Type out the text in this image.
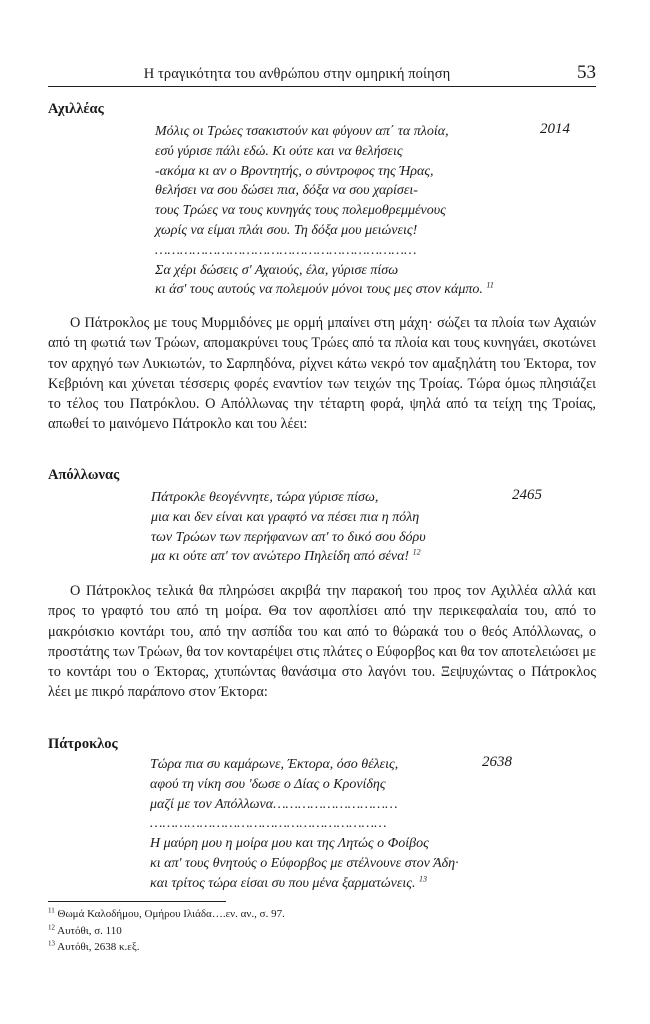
Η τραγικότητα του ανθρώπου στην ομηρική ποίηση	53
Αχιλλέας
Μόλις οι Τρώες τσακιστούν και φύγουν απ΄ τα πλοία,
εσύ γύρισε πάλι εδώ. Κι ούτε και να θελήσεις
-ακόμα κι αν ο Βροντητής, ο σύντροφος της Ήρας,
θελήσει να σου δώσει πια, δόξα να σου χαρίσει-
τους Τρώες να τους κυνηγάς τους πολεμοθρεμμένους
χωρίς να είμαι πλάι σου. Τη δόξα μου μειώνεις!
………………………………………………………
Σα χέρι δώσεις σ' Αχαιούς, έλα, γύρισε πίσω
κι άσ' τους αυτούς να πολεμούν μόνοι τους μες στον κάμπο. $^{11}$
2014
Ο Πάτροκλος με τους Μυρμιδόνες με ορμή μπαίνει στη μάχη· σώζει τα πλοία των Αχαιών από τη φωτιά των Τρώων, απομακρύνει τους Τρώες από τα πλοία και τους κυνηγάει, σκοτώνει τον αρχηγό των Λυκιωτών, το Σαρπηδόνα, ρίχνει κάτω νεκρό τον αμαξηλάτη του Έκτορα, τον Κεβριόνη και χύνεται τέσσερις φορές εναντίον των τειχών της Τροίας. Τώρα όμως πλησιάζει το τέλος του Πατρόκλου. Ο Απόλλωνας την τέταρτη φορά, ψηλά από τα τείχη της Τροίας, απωθεί το μαινόμενο Πάτροκλο και του λέει:
Απόλλωνας
Πάτροκλε θεογέννητε, τώρα γύρισε πίσω,
μια και δεν είναι και γραφτό να πέσει πια η πόλη
των Τρώων των περήφανων απ' το δικό σου δόρυ
μα κι ούτε απ' τον ανώτερο Πηλείδη από σένα! $^{12}$
2465
Ο Πάτροκλος τελικά θα πληρώσει ακριβά την παρακοή του προς τον Αχιλλέα αλλά και προς το γραφτό του από τη μοίρα. Θα τον αφοπλίσει από την περικεφαλαία του, από το μακρόισκιο κοντάρι του, από την ασπίδα του και από το θώρακά του ο θεός Απόλλωνας, ο προστάτης των Τρώων, θα τον κονταρέψει στις πλάτες ο Εύφορβος και θα τον αποτελειώσει με το κοντάρι του ο Έκτορας, χτυπώντας θανάσιμα στο λαγόνι του. Ξεψυχώντας ο Πάτροκλος λέει με πικρό παράπονο στον Έκτορα:
Πάτροκλος
Τώρα πια συ καμάρωνε, Έκτορα, όσο θέλεις,
αφού τη νίκη σου 'δωσε ο Δίας ο Κρονίδης
μαζί με τον Απόλλωνα…………………………
…………………………………………………
Η μαύρη μου η μοίρα μου και της Λητώς ο Φοίβος
κι απ' τους θνητούς ο Εύφορβος με στέλνουνε στον Άδη·
και τρίτος τώρα είσαι συ που μένα ξαρματώνεις. $^{13}$
2638
$^{11}$ Θωμά Καλοδήμου, Ομήρου Ιλιάδα….εν. αν., σ. 97.
$^{12}$ Αυτόθι, σ. 110
$^{13}$ Αυτόθι, 2638 κ.εξ.
